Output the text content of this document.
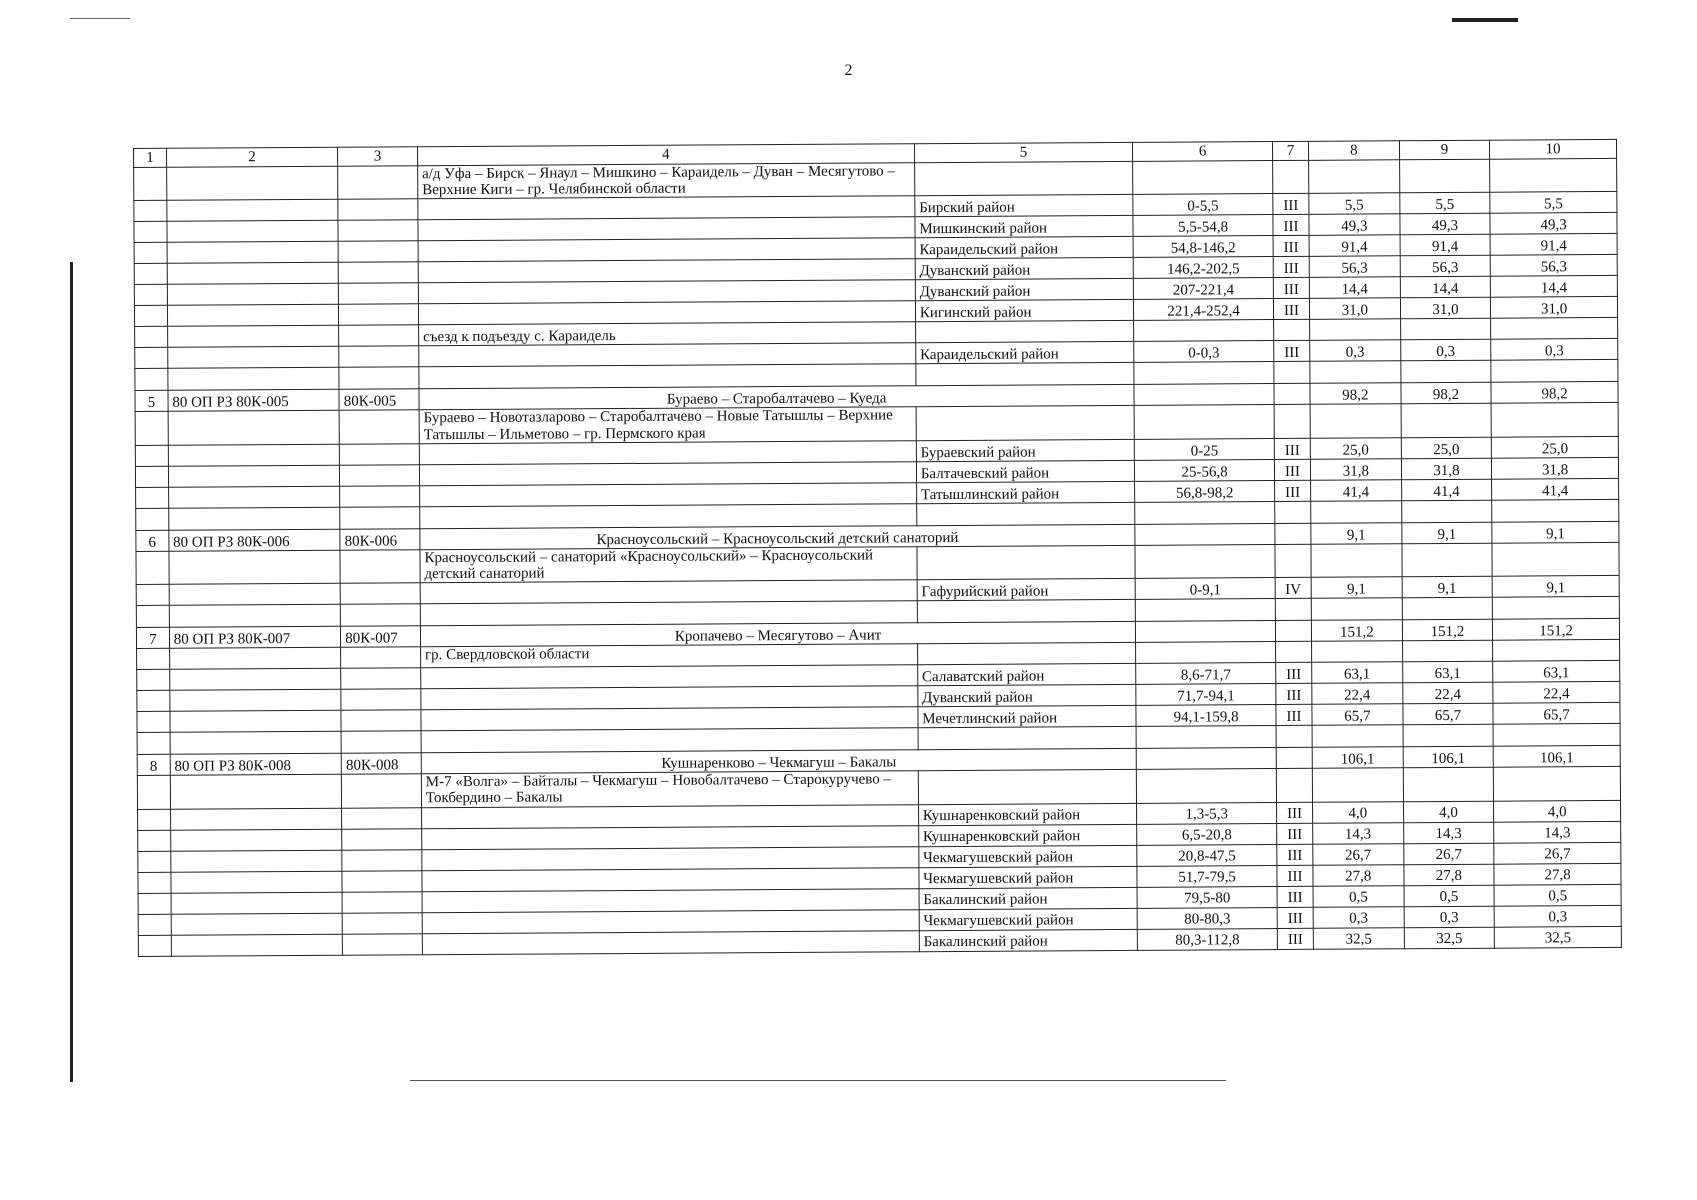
2
1	2	3	4	5	6	7	8	9	10
			а/д Уфа – Бирск – Янаул – Мишкино – Караидель – Дуван – Месягутово – Верхние Киги – гр. Челябинской области						
				Бирский район	0-5,5	III	5,5	5,5	5,5
				Мишкинский район	5,5-54,8	III	49,3	49,3	49,3
				Караидельский район	54,8-146,2	III	91,4	91,4	91,4
				Дуванский район	146,2-202,5	III	56,3	56,3	56,3
				Дуванский район	207-221,4	III	14,4	14,4	14,4
				Кигинский район	221,4-252,4	III	31,0	31,0	31,0
			съезд к подъезду с. Караидель						
				Караидельский район	0-0,3	III	0,3	0,3	0,3

5	80 ОП РЗ 80К-005	80К-005	Бураево – Старобалтачево – Куеда				98,2	98,2	98,2
			Бураево – Новотазларово – Старобалтачево – Новые Татышлы – Верхние Татышлы – Ильметово – гр. Пермского края						
				Бураевский район	0-25	III	25,0	25,0	25,0
				Балтачевский район	25-56,8	III	31,8	31,8	31,8
				Татышлинский район	56,8-98,2	III	41,4	41,4	41,4

6	80 ОП РЗ 80К-006	80К-006	Красноусольский – Красноусольский детский санаторий				9,1	9,1	9,1
			Красноусольский – санаторий «Красноусольский» – Красноусольский детский санаторий						
				Гафурийский район	0-9,1	IV	9,1	9,1	9,1

7	80 ОП РЗ 80К-007	80К-007	Кропачево – Месягутово – Ачит				151,2	151,2	151,2
			гр. Свердловской области						
				Салаватский район	8,6-71,7	III	63,1	63,1	63,1
				Дуванский район	71,7-94,1	III	22,4	22,4	22,4
				Мечетлинский район	94,1-159,8	III	65,7	65,7	65,7

8	80 ОП РЗ 80К-008	80К-008	Кушнаренково – Чекмагуш – Бакалы				106,1	106,1	106,1
			М-7 «Волга» – Байталы – Чекмагуш – Новобалтачево – Старокуручево – Токбердино – Бакалы						
				Кушнаренковский район	1,3-5,3	III	4,0	4,0	4,0
				Кушнаренковский район	6,5-20,8	III	14,3	14,3	14,3
				Чекмагушевский район	20,8-47,5	III	26,7	26,7	26,7
				Чекмагушевский район	51,7-79,5	III	27,8	27,8	27,8
				Бакалинский район	79,5-80	III	0,5	0,5	0,5
				Чекмагушевский район	80-80,3	III	0,3	0,3	0,3
				Бакалинский район	80,3-112,8	III	32,5	32,5	32,5
